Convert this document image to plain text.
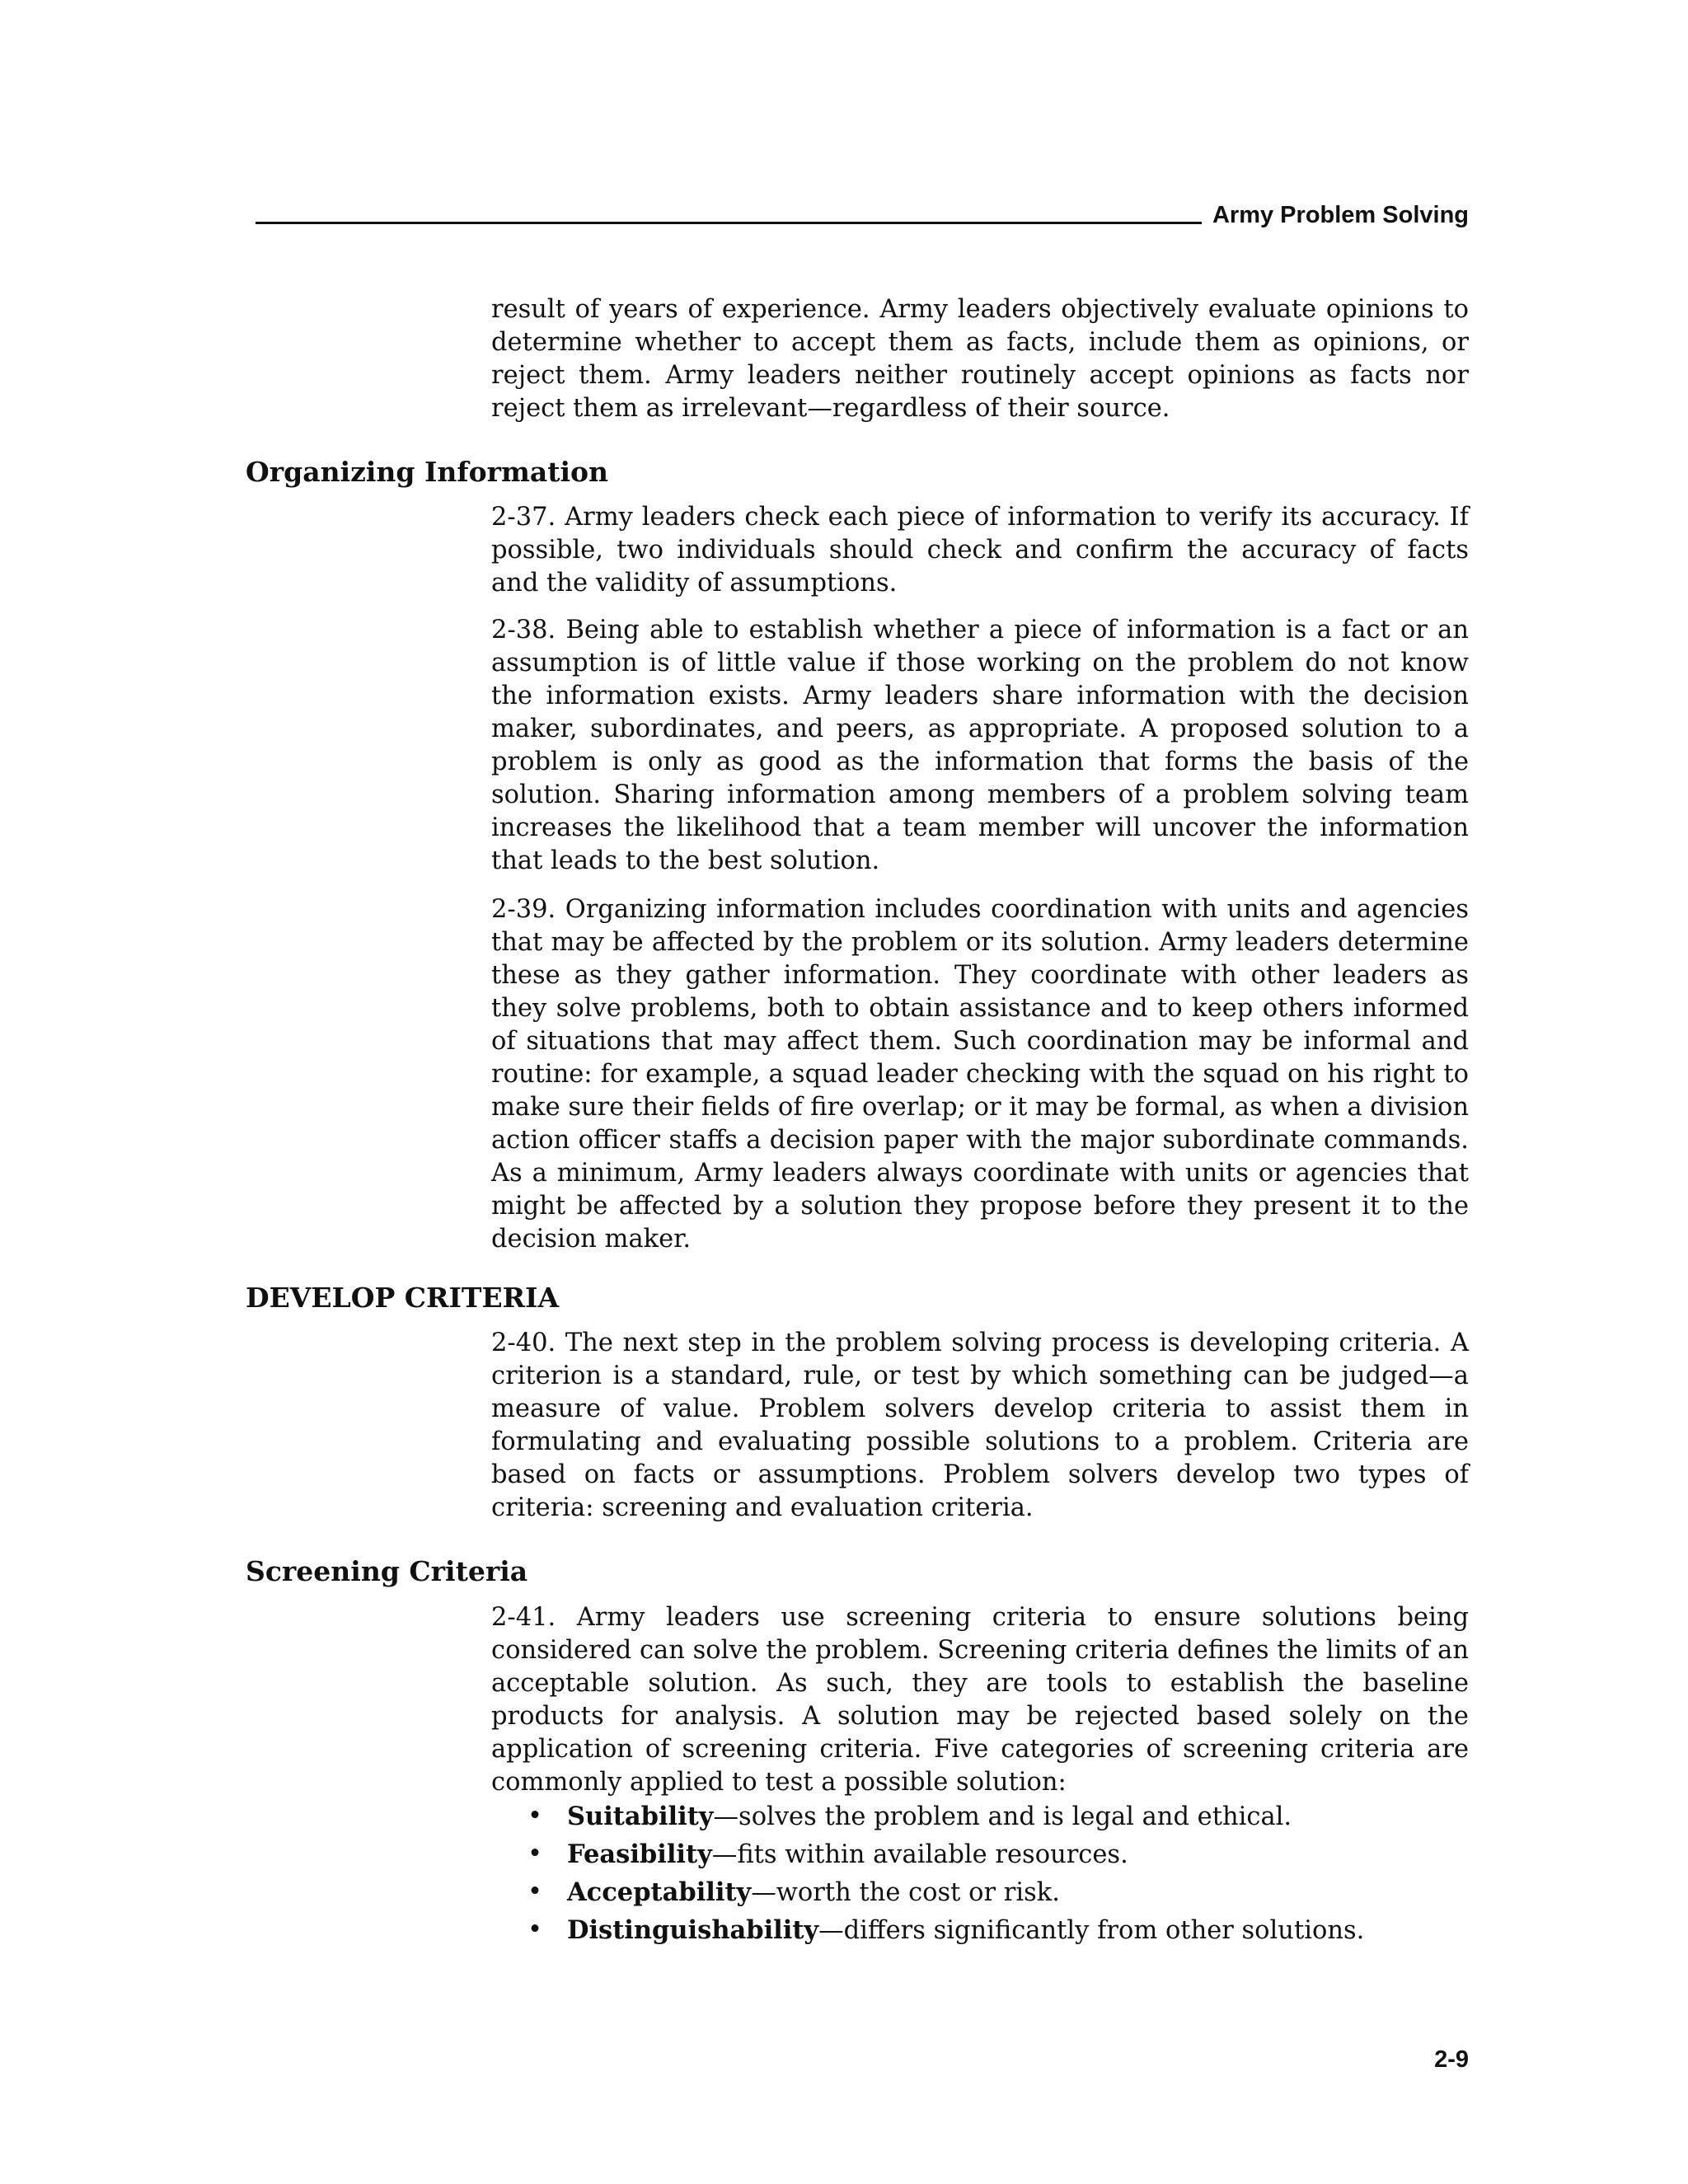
Army Problem Solving

result of years of experience. Army leaders objectively evaluate opinions to determine whether to accept them as facts, include them as opinions, or reject them. Army leaders neither routinely accept opinions as facts nor reject them as irrelevant—regardless of their source.

Organizing Information

2-37. Army leaders check each piece of information to verify its accuracy. If possible, two individuals should check and confirm the accuracy of facts and the validity of assumptions.

2-38. Being able to establish whether a piece of information is a fact or an assumption is of little value if those working on the problem do not know the information exists. Army leaders share information with the decision maker, subordinates, and peers, as appropriate. A proposed solution to a problem is only as good as the information that forms the basis of the solution. Sharing information among members of a problem solving team increases the likelihood that a team member will uncover the information that leads to the best solution.

2-39. Organizing information includes coordination with units and agencies that may be affected by the problem or its solution. Army leaders determine these as they gather information. They coordinate with other leaders as they solve problems, both to obtain assistance and to keep others informed of situations that may affect them. Such coordination may be informal and routine: for example, a squad leader checking with the squad on his right to make sure their fields of fire overlap; or it may be formal, as when a division action officer staffs a decision paper with the major subordinate commands. As a minimum, Army leaders always coordinate with units or agencies that might be affected by a solution they propose before they present it to the decision maker.

DEVELOP CRITERIA

2-40. The next step in the problem solving process is developing criteria. A criterion is a standard, rule, or test by which something can be judged—a measure of value. Problem solvers develop criteria to assist them in formulating and evaluating possible solutions to a problem. Criteria are based on facts or assumptions. Problem solvers develop two types of criteria: screening and evaluation criteria.

Screening Criteria

2-41. Army leaders use screening criteria to ensure solutions being considered can solve the problem. Screening criteria defines the limits of an acceptable solution. As such, they are tools to establish the baseline products for analysis. A solution may be rejected based solely on the application of screening criteria. Five categories of screening criteria are commonly applied to test a possible solution:

• Suitability—solves the problem and is legal and ethical.
• Feasibility—fits within available resources.
• Acceptability—worth the cost or risk.
• Distinguishability—differs significantly from other solutions.
2-9
